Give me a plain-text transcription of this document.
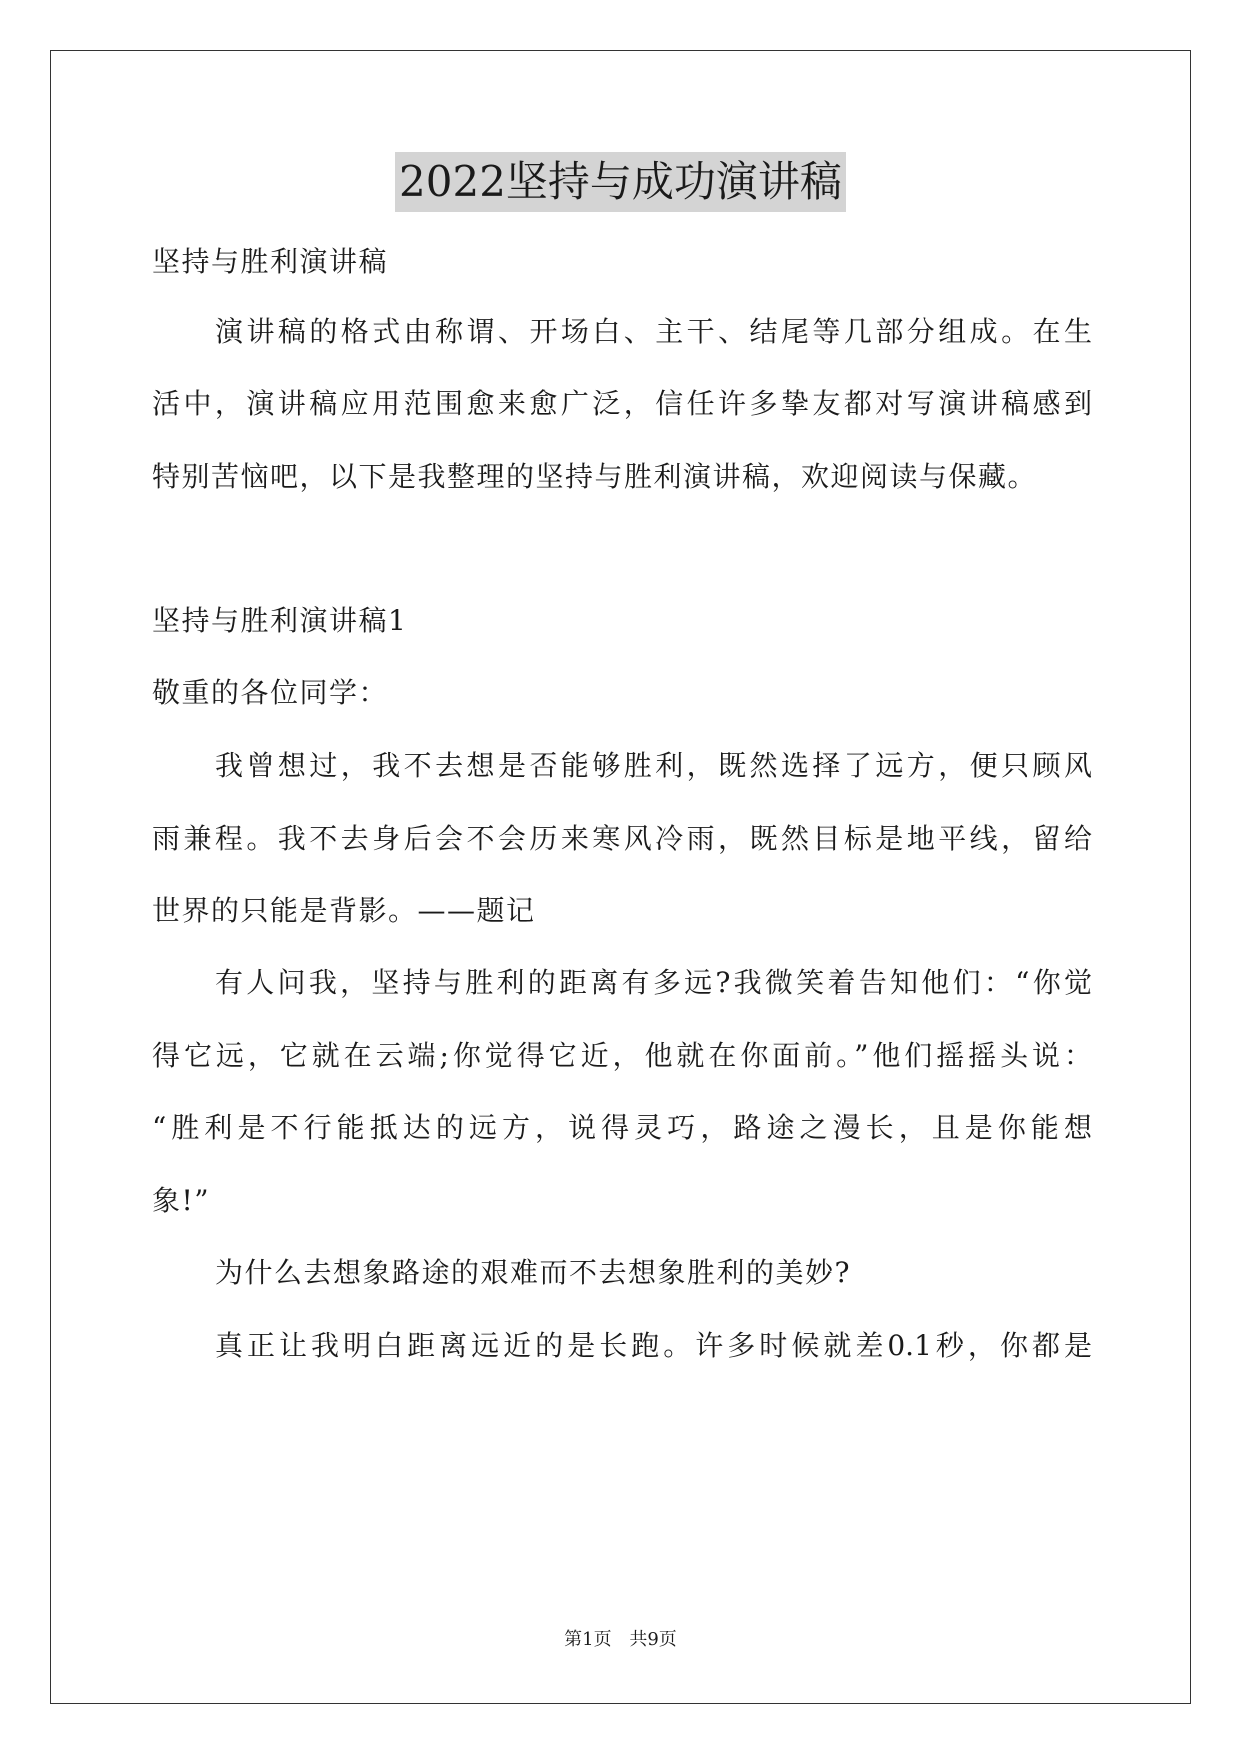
2022坚持与成功演讲稿
坚持与胜利演讲稿
演讲稿的格式由称谓、开场白、主干、结尾等几部分组成。在生
活中，演讲稿应用范围愈来愈广泛，信任许多挚友都对写演讲稿感到
特别苦恼吧，以下是我整理的坚持与胜利演讲稿，欢迎阅读与保藏。
坚持与胜利演讲稿1
敬重的各位同学：
我曾想过，我不去想是否能够胜利，既然选择了远方，便只顾风
雨兼程。我不去身后会不会历来寒风冷雨，既然目标是地平线，留给
世界的只能是背影。——题记
有人问我，坚持与胜利的距离有多远?我微笑着告知他们：“你觉
得它远，它就在云端;你觉得它近，他就在你面前。”他们摇摇头说：
“胜利是不行能抵达的远方，说得灵巧，路途之漫长，且是你能想
象!”
为什么去想象路途的艰难而不去想象胜利的美妙?
真正让我明白距离远近的是长跑。许多时候就差0.1秒，你都是
第1页 共9页
